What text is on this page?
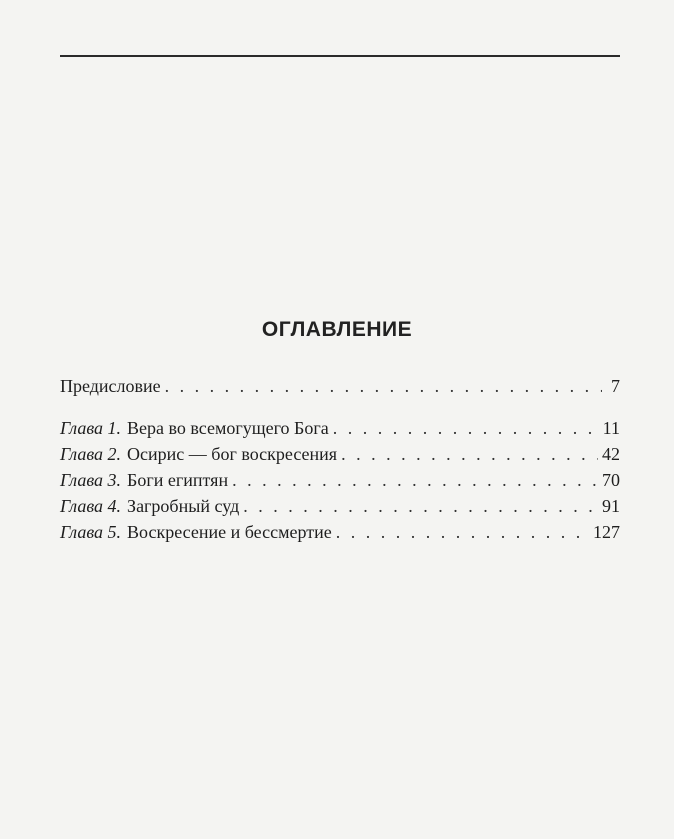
ОГЛАВЛЕНИЕ
Предисловие . . .	7
Глава 1. Вера во всемогущего Бога . . .	11
Глава 2. Осирис — бог воскресения . . .	42
Глава 3. Боги египтян . . .	70
Глава 4. Загробный суд . . .	91
Глава 5. Воскресение и бессмертие . . .	127
